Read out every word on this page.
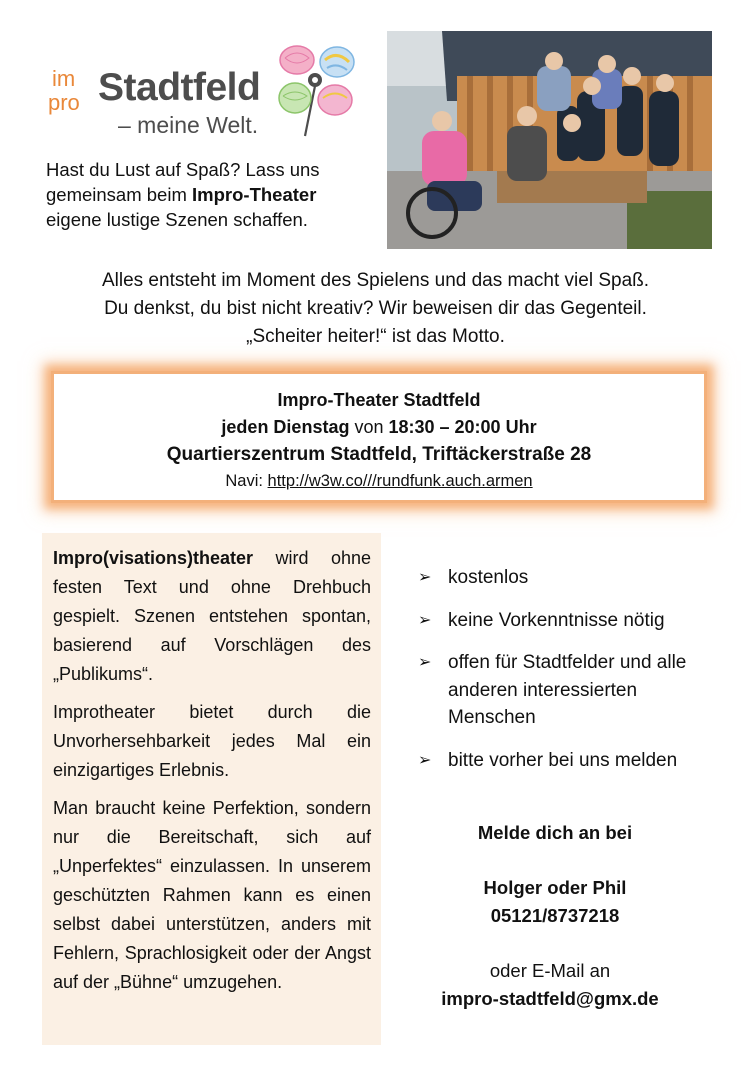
im
pro Stadtfeld
– meine Welt.
Hast du Lust auf Spaß? Lass uns gemeinsam beim Impro-Theater eigene lustige Szenen schaffen.
Alles entsteht im Moment des Spielens und das macht viel Spaß.
Du denkst, du bist nicht kreativ? Wir beweisen dir das Gegenteil.
„Scheiter heiter!“ ist das Motto.
Impro-Theater Stadtfeld
jeden Dienstag von 18:30 – 20:00 Uhr
Quartierszentrum Stadtfeld, Triftäckerstraße 28
Navi: http://w3w.co///rundfunk.auch.armen

Impro(visations)theater wird ohne festen Text und ohne Drehbuch gespielt. Szenen entstehen spontan, basierend auf Vorschlägen des „Publikums“.

Improtheater bietet durch die Unvorhersehbarkeit jedes Mal ein einzigartiges Erlebnis.

Man braucht keine Perfektion, sondern nur die Bereitschaft, sich auf „Unperfektes“ einzulassen. In unserem geschützten Rahmen kann es einen selbst dabei unterstützen, anders mit Fehlern, Sprachlosigkeit oder der Angst auf der „Bühne“ umzugehen.

➢ kostenlos
➢ keine Vorkenntnisse nötig
➢ offen für Stadtfelder und alle anderen interessierten Menschen
➢ bitte vorher bei uns melden
Melde dich an bei
Holger oder Phil
05121/8737218
oder E-Mail an
impro-stadtfeld@gmx.de
